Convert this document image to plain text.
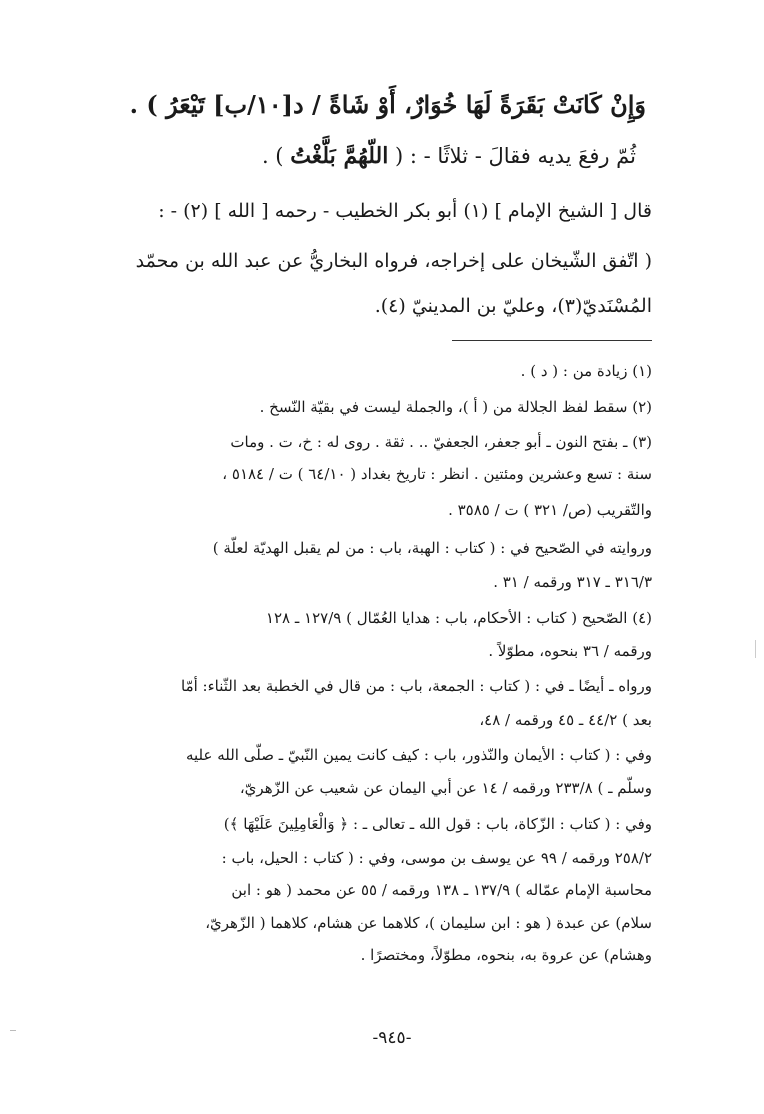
وَإِنْ كَانَتْ بَقَرَةً لَهَا خُوَارٌ، أَوْ شَاةً / د[١٠/ب] تَيْعَرُ ) .
ثُمّ رفعَ يديه فقالَ - ثلاثًا - : ( اللّهُمَّ بَلَّغْتُ ) .
قال [ الشيخ الإمام ] (١) أبو بكر الخطيب - رحمه [ الله ] (٢) - :
( اتّفق الشّيخان على إخراجه، فرواه البخاريُّ عن عبد الله بن محمّد
المُسْنَديّ(٣)، وعليّ بن المدينيّ (٤).
(١) زيادة من : ( د ) .
(٢) سقط لفظ الجلالة من ( أ )، والجملة ليست في بقيّة النّسخ .
(٣) ـ بفتح النون ـ أبو جعفر، الجعفيّ .. . ثقة . روى له : خ، ت . ومات
سنة : تسع وعشرين ومئتين . انظر : تاريخ بغداد ( ٦٤/١٠ ) ت / ٥١٨٤ ،
والتّقريب (ص/ ٣٢١ ) ت / ٣٥٨٥ .
وروايته في الصّحيح في : ( كتاب : الهبة، باب : من لم يقبل الهديّة لعلّة )
٣١٦/٣ ـ ٣١٧ ورقمه / ٣١ .
(٤) الصّحيح ( كتاب : الأحكام، باب : هدايا العُمّال ) ١٢٧/٩ ـ ١٢٨
ورقمه / ٣٦ بنحوه، مطوّلاً .
ورواه ـ أيضًا ـ في : ( كتاب : الجمعة، باب : من قال في الخطبة بعد الثّناء: أمّا
بعد ) ٤٤/٢ ـ ٤٥ ورقمه / ٤٨،
وفي : ( كتاب : الأيمان والنّذور، باب : كيف كانت يمين النّبيّ ـ صلّى الله عليه
وسلّم ـ ) ٢٣٣/٨ ورقمه / ١٤ عن أبي اليمان عن شعيب عن الزّهريّ،
وفي : ( كتاب : الزّكاة، باب : قول الله ـ تعالى ـ : ﴿ وَالْعَامِلِينَ عَلَيْهَا ﴾)
٢٥٨/٢ ورقمه / ٩٩ عن يوسف بن موسى، وفي : ( كتاب : الحيل، باب :
محاسبة الإمام عمّاله ) ١٣٧/٩ ـ ١٣٨ ورقمه / ٥٥ عن محمد ( هو : ابن
سلام) عن عبدة ( هو : ابن سليمان )، كلاهما عن هشام، كلاهما ( الزّهريّ،
وهشام) عن عروة به، بنحوه، مطوّلاً، ومختصرًا .
-٩٤٥-
